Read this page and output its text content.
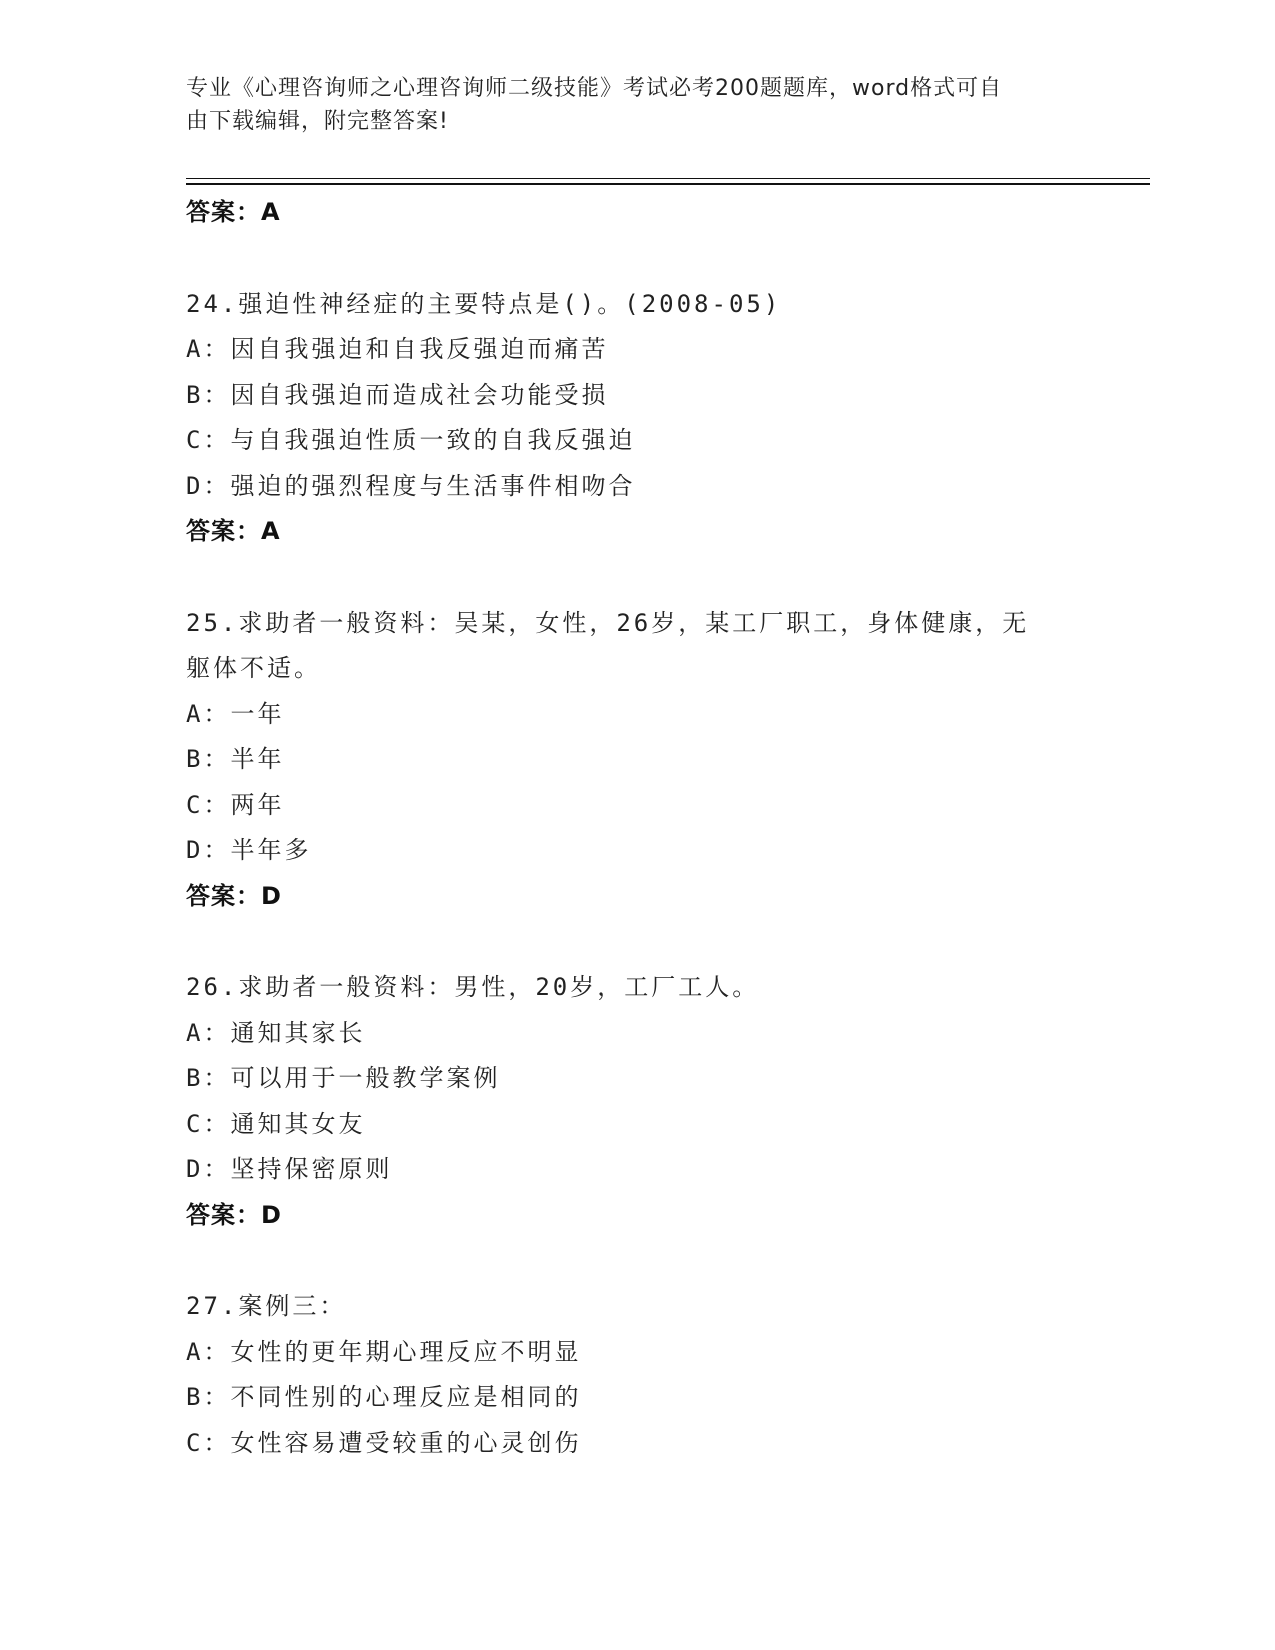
专业《心理咨询师之心理咨询师二级技能》考试必考200题题库，word格式可自
由下载编辑，附完整答案!
答案：A
24.强迫性神经症的主要特点是()。(2008-05)
A：因自我强迫和自我反强迫而痛苦
B：因自我强迫而造成社会功能受损
C：与自我强迫性质一致的自我反强迫
D：强迫的强烈程度与生活事件相吻合
答案：A
25.求助者一般资料：吴某，女性，26岁，某工厂职工，身体健康，无
躯体不适。
A：一年
B：半年
C：两年
D：半年多
答案：D
26.求助者一般资料：男性，20岁，工厂工人。
A：通知其家长
B：可以用于一般教学案例
C：通知其女友
D：坚持保密原则
答案：D
27.案例三：
A：女性的更年期心理反应不明显
B：不同性别的心理反应是相同的
C：女性容易遭受较重的心灵创伤
